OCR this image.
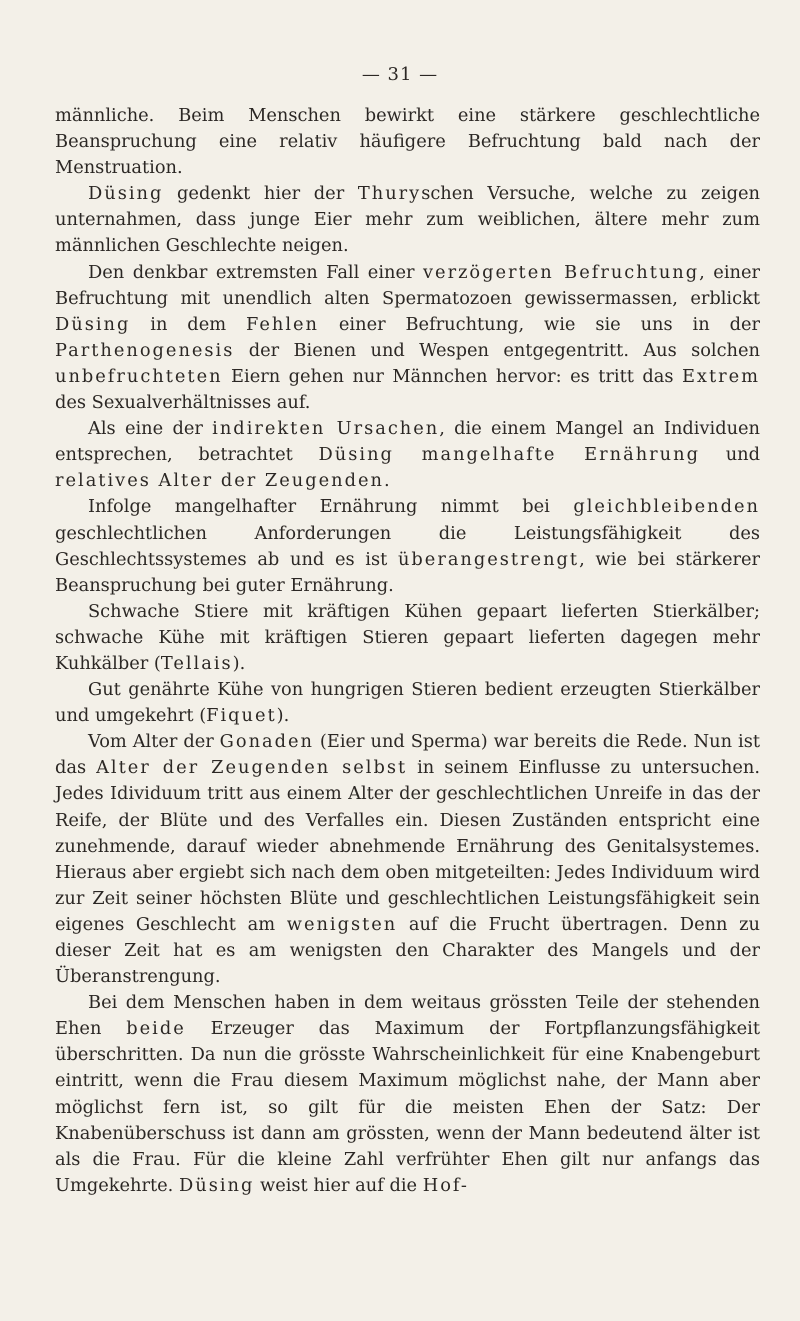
— 31 —

männliche. Beim Menschen bewirkt eine stärkere geschlechtliche Beanspruchung eine relativ häufigere Befruchtung bald nach der Menstruation.

Düsing gedenkt hier der Thuryschen Versuche, welche zu zeigen unternahmen, dass junge Eier mehr zum weiblichen, ältere mehr zum männlichen Geschlechte neigen.

Den denkbar extremsten Fall einer verzögerten Befruchtung, einer Befruchtung mit unendlich alten Spermatozoen gewissermassen, erblickt Düsing in dem Fehlen einer Befruchtung, wie sie uns in der Parthenogenesis der Bienen und Wespen entgegentritt. Aus solchen unbefruchteten Eiern gehen nur Männchen hervor: es tritt das Extrem des Sexualverhältnisses auf.

Als eine der indirekten Ursachen, die einem Mangel an Individuen entsprechen, betrachtet Düsing mangelhafte Ernährung und relatives Alter der Zeugenden.

Infolge mangelhafter Ernährung nimmt bei gleichbleibenden geschlechtlichen Anforderungen die Leistungsfähigkeit des Geschlechtssystemes ab und es ist überangestrengt, wie bei stärkerer Beanspruchung bei guter Ernährung.

Schwache Stiere mit kräftigen Kühen gepaart lieferten Stierkälber; schwache Kühe mit kräftigen Stieren gepaart lieferten dagegen mehr Kuhkälber (Tellais).

Gut genährte Kühe von hungrigen Stieren bedient erzeugten Stierkälber und umgekehrt (Fiquet).

Vom Alter der Gonaden (Eier und Sperma) war bereits die Rede. Nun ist das Alter der Zeugenden selbst in seinem Einflusse zu untersuchen. Jedes Idividuum tritt aus einem Alter der geschlechtlichen Unreife in das der Reife, der Blüte und des Verfalles ein. Diesen Zuständen entspricht eine zunehmende, darauf wieder abnehmende Ernährung des Genitalsystemes. Hieraus aber ergiebt sich nach dem oben mitgeteilten: Jedes Individuum wird zur Zeit seiner höchsten Blüte und geschlechtlichen Leistungsfähigkeit sein eigenes Geschlecht am wenigsten auf die Frucht übertragen. Denn zu dieser Zeit hat es am wenigsten den Charakter des Mangels und der Überanstrengung.

Bei dem Menschen haben in dem weitaus grössten Teile der stehenden Ehen beide Erzeuger das Maximum der Fortpflanzungsfähigkeit überschritten. Da nun die grösste Wahrscheinlichkeit für eine Knabengeburt eintritt, wenn die Frau diesem Maximum möglichst nahe, der Mann aber möglichst fern ist, so gilt für die meisten Ehen der Satz: Der Knabenüberschuss ist dann am grössten, wenn der Mann bedeutend älter ist als die Frau. Für die kleine Zahl verfrühter Ehen gilt nur anfangs das Umgekehrte. Düsing weist hier auf die Hof-
